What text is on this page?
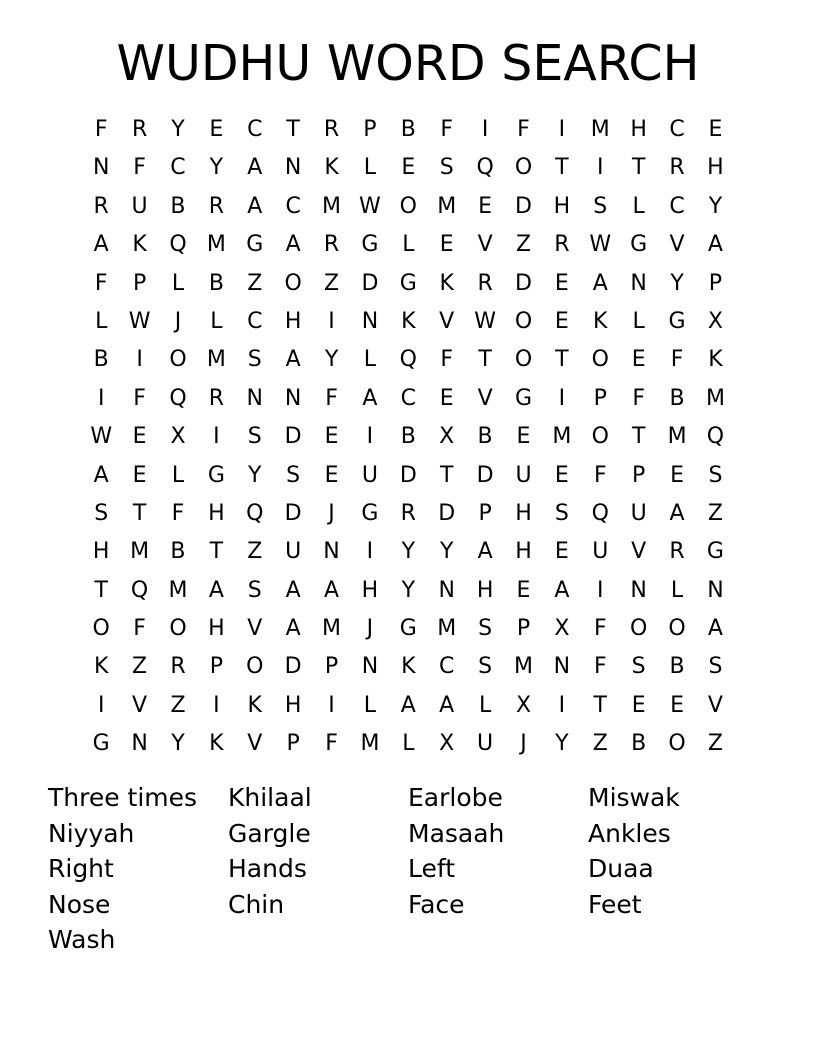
WUDHU WORD SEARCH
F R Y E C T R P B F I F I M H C E
N F C Y A N K L E S Q O T I T R H
R U B R A C M W O M E D H S L C Y
A K Q M G A R G L E V Z R W G V A
F P L B Z O Z D G K R D E A N Y P
L W J L C H I N K V W O E K L G X
B I O M S A Y L Q F T O T O E F K
I F Q R N N F A C E V G I P F B M
W E X I S D E I B X B E M O T M Q
A E L G Y S E U D T D U E F P E S
S T F H Q D J G R D P H S Q U A Z
H M B T Z U N I Y Y A H E U V R G
T Q M A S A A H Y N H E A I N L N
O F O H V A M J G M S P X F O O A
K Z R P O D P N K C S M N F S B S
I V Z I K H I L A A L X I T E E V
G N Y K V P F M L X U J Y Z B O Z
Three times Khilaal	Earlobe	Miswak
Niyyah	Gargle	Masaah	Ankles
Right	Hands	Left	Duaa
Nose	Chin	Face	Feet
Wash
